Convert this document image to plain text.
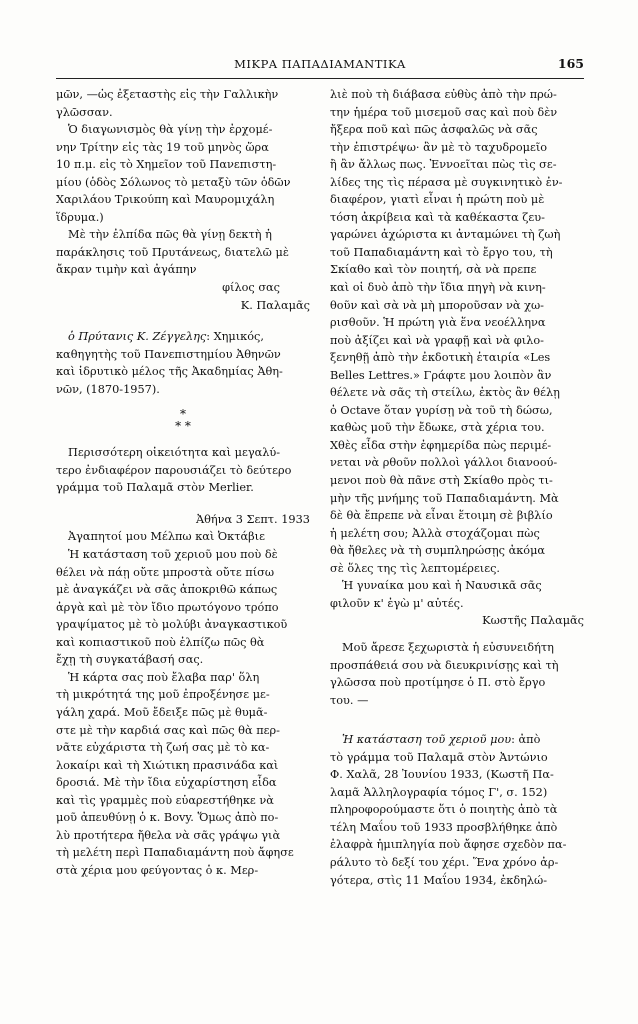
ΜΙΚΡΑ ΠΑΠΑΔΙΑΜΑΝΤΙΚΑ	165

μῶν, —ὡς ἐξεταστὴς εἰς τὴν Γαλλικὴν

γλῶσσαν.

Ὁ διαγωνισμὸς θὰ γίνῃ τὴν ἐρχομέ-

νην Τρίτην εἰς τὰς 19 τοῦ μηνὸς ὥρα

10 π.μ. εἰς τὸ Χημεῖον τοῦ Πανεπιστη-

μίου (ὁδὸς Σόλωνος τὸ μεταξὺ τῶν ὁδῶν

Χαριλάου Τρικούπη καὶ Μαυρομιχάλη

ἵδρυμα.)

Μὲ τὴν ἐλπίδα πῶς θὰ γίνῃ δεκτὴ ἡ

παράκλησις τοῦ Πρυτάνεως, διατελῶ μὲ

ἄκραν τιμὴν καὶ ἀγάπην

φίλος σας

Κ. Παλαμᾶς

ὁ Πρύτανις Κ. Ζέγγελης: Χημικός,

καθηγητὴς τοῦ Πανεπιστημίου Ἀθηνῶν

καὶ ἱδρυτικὸ μέλος τῆς Ἀκαδημίας Ἀθη-

νῶν, (1870-1957).

*
* *

Περισσότερη οἰκειότητα καὶ μεγαλύ-

τερο ἐνδιαφέρον παρουσιάζει τὸ δεύτερο

γράμμα τοῦ Παλαμᾶ στὸν Merlier.

Ἀθήνα 3 Σεπτ. 1933

Ἀγαπητοί μου Μέλπω καὶ Ὀκτάβιε

Ἡ κατάσταση τοῦ χεριοῦ μου ποὺ δὲ

θέλει νὰ πάῃ οὔτε μπροστὰ οὔτε πίσω

μὲ ἀναγκάζει νὰ σᾶς ἀποκριθῶ κάπως

ἀργὰ καὶ μὲ τὸν ἴδιο πρωτόγονο τρόπο

γραψίματος μὲ τὸ μολύβι ἀναγκαστικοῦ

καὶ κοπιαστικοῦ ποὺ ἐλπίζω πῶς θὰ

ἔχῃ τὴ συγκατάβασή σας.

Ἡ κάρτα σας ποὺ ἔλαβα παρ' ὅλη

τὴ μικρότητά της μοῦ ἐπροξένησε με-

γάλη χαρά. Μοῦ ἔδειξε πῶς μὲ θυμᾶ-

στε μὲ τὴν καρδιά σας καὶ πῶς θὰ περ-

νᾶτε εὐχάριστα τὴ ζωή σας μὲ τὸ κα-

λοκαίρι καὶ τὴ Χιώτικη πρασινάδα καὶ

δροσιά. Μὲ τὴν ἴδια εὐχαρίστηση εἶδα

καὶ τὶς γραμμὲς ποὺ εὐαρεστήθηκε νὰ

μοῦ ἀπευθύνῃ ὁ κ. Bovy. Ὅμως ἀπὸ πο-

λὺ προτήτερα ἤθελα νὰ σᾶς γράψω γιὰ

τὴ μελέτη περὶ Παπαδιαμάντη ποὺ ἄφησε

στὰ χέρια μου φεύγοντας ὁ κ. Μερ-

λιὲ ποὺ τὴ διάβασα εὐθὺς ἀπὸ τὴν πρώ-

την ἡμέρα τοῦ μισεμοῦ σας καὶ ποὺ δὲν

ἤξερα ποῦ καὶ πῶς ἀσφαλῶς νὰ σᾶς

τὴν ἐπιστρέψω· ἂν μὲ τὸ ταχυδρομεῖο

ἢ ἂν ἄλλως πως. Ἐννοεῖται πὼς τὶς σε-

λίδες της τὶς πέρασα μὲ συγκινητικὸ ἐν-

διαφέρον, γιατὶ εἶναι ἡ πρώτη ποὺ μὲ

τόση ἀκρίβεια καὶ τὰ καθέκαστα ζευ-

γαρώνει ἀχώριστα κι ἀνταμώνει τὴ ζωὴ

τοῦ Παπαδιαμάντη καὶ τὸ ἔργο του, τὴ

Σκίαθο καὶ τὸν ποιητή, σὰ νὰ πρεπε

καὶ οἱ δυὸ ἀπὸ τὴν ἴδια πηγὴ νὰ κινη-

θοῦν καὶ σὰ νὰ μὴ μποροῦσαν νὰ χω-

ρισθοῦν. Ἡ πρώτη γιὰ ἕνα νεοέλληνα

ποὺ ἀξίζει καὶ νὰ γραφῇ καὶ νὰ φιλο-

ξενηθῇ ἀπὸ τὴν ἐκδοτικὴ ἑταιρία «Les

Belles Lettres.» Γράφτε μου λοιπὸν ἂν

θέλετε νὰ σᾶς τὴ στείλω, ἐκτὸς ἂν θέλῃ

ὁ Octave ὅταν γυρίσῃ νὰ τοῦ τὴ δώσω,

καθὼς μοῦ τὴν ἔδωκε, στὰ χέρια του.

Χθὲς εἶδα στὴν ἐφημερίδα πὼς περιμέ-

νεται νὰ ρθοῦν πολλοὶ γάλλοι διανοού-

μενοι ποὺ θὰ πᾶνε στὴ Σκίαθο πρὸς τι-

μὴν τῆς μνήμης τοῦ Παπαδιαμάντη. Μὰ

δὲ θὰ ἔπρεπε νὰ εἶναι ἕτοιμη σὲ βιβλίο

ἡ μελέτη σου; Ἀλλὰ στοχάζομαι πὼς

θὰ ἤθελες νὰ τὴ συμπληρώσῃς ἀκόμα

σὲ ὅλες της τὶς λεπτομέρειες.

Ἡ γυναίκα μου καὶ ἡ Ναυσικᾶ σᾶς

φιλοῦν κ' ἐγὼ μ' αὐτές.

Κωστῆς Παλαμᾶς

Μοῦ ἄρεσε ξεχωριστὰ ἡ εὐσυνειδήτη

προσπάθειά σου νὰ διευκρινίσῃς καὶ τὴ

γλῶσσα ποὺ προτίμησε ὁ Π. στὸ ἔργο

του. —

Ἡ κατάσταση τοῦ χεριοῦ μου: ἀπὸ

τὸ γράμμα τοῦ Παλαμᾶ στὸν Ἀντώνιο

Φ. Χαλᾶ, 28 Ἰουνίου 1933, (Κωστῆ Πα-

λαμᾶ Ἀλληλογραφία τόμος Γ', σ. 152)

πληροφορούμαστε ὅτι ὁ ποιητὴς ἀπὸ τὰ

τέλη Μαΐου τοῦ 1933 προσβλήθηκε ἀπὸ

ἐλαφρὰ ἡμιπληγία ποὺ ἄφησε σχεδὸν πα-

ράλυτο τὸ δεξί του χέρι. Ἕνα χρόνο ἀρ-

γότερα, στὶς 11 Μαΐου 1934, ἐκδηλώ-
